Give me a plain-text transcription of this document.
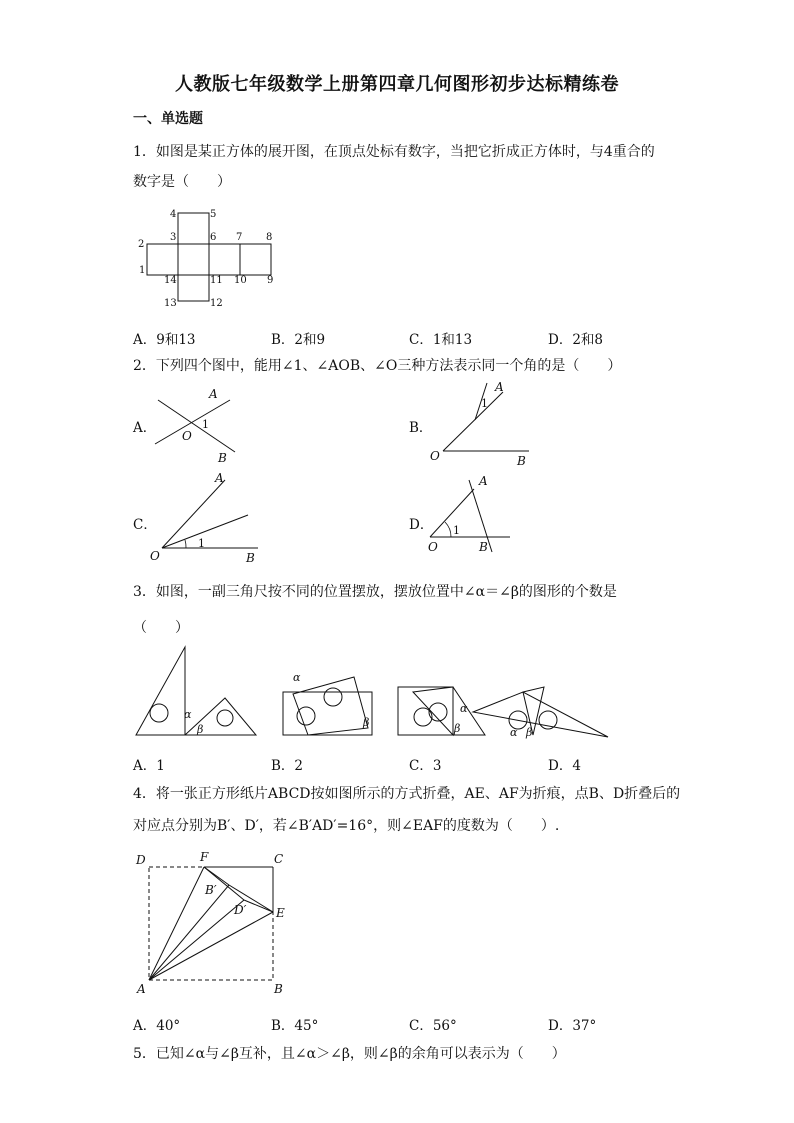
人教版七年级数学上册第四章几何图形初步达标精练卷
一、单选题
1．如图是某正方体的展开图，在顶点处标有数字，当把它折成正方体时，与4重合的
数字是（　　）
1
2
3
4	5
6 7 8
9
10
11
12
13
14
A．9和13	B．2和9	C．1和13	D．2和8
2．下列四个图中，能用∠1、∠AOB、∠O三种方法表示同一个角的是（　　）
A．
A
B
O
1	B．
A
B
O
1
C．
A
B
O
1
D．
A
B
O
1
3．如图，一副三角尺按不同的位置摆放，摆放位置中∠α＝∠β的图形的个数是
（　　）
α
β
α
β
α
β	α β
A．1	B．2	C．3	D．4
4．将一张正方形纸片ABCD按如图所示的方式折叠，AE、AF为折痕，点B、D折叠后的
对应点分别为B′、D′，若∠B′AD′=16°，则∠EAF的度数为（　　）.
A	B
C
D
E
F
B′
D′
A．40°	B．45°	C．56°	D．37°
5．已知∠α与∠β互补，且∠α＞∠β，则∠β的余角可以表示为（　　）
